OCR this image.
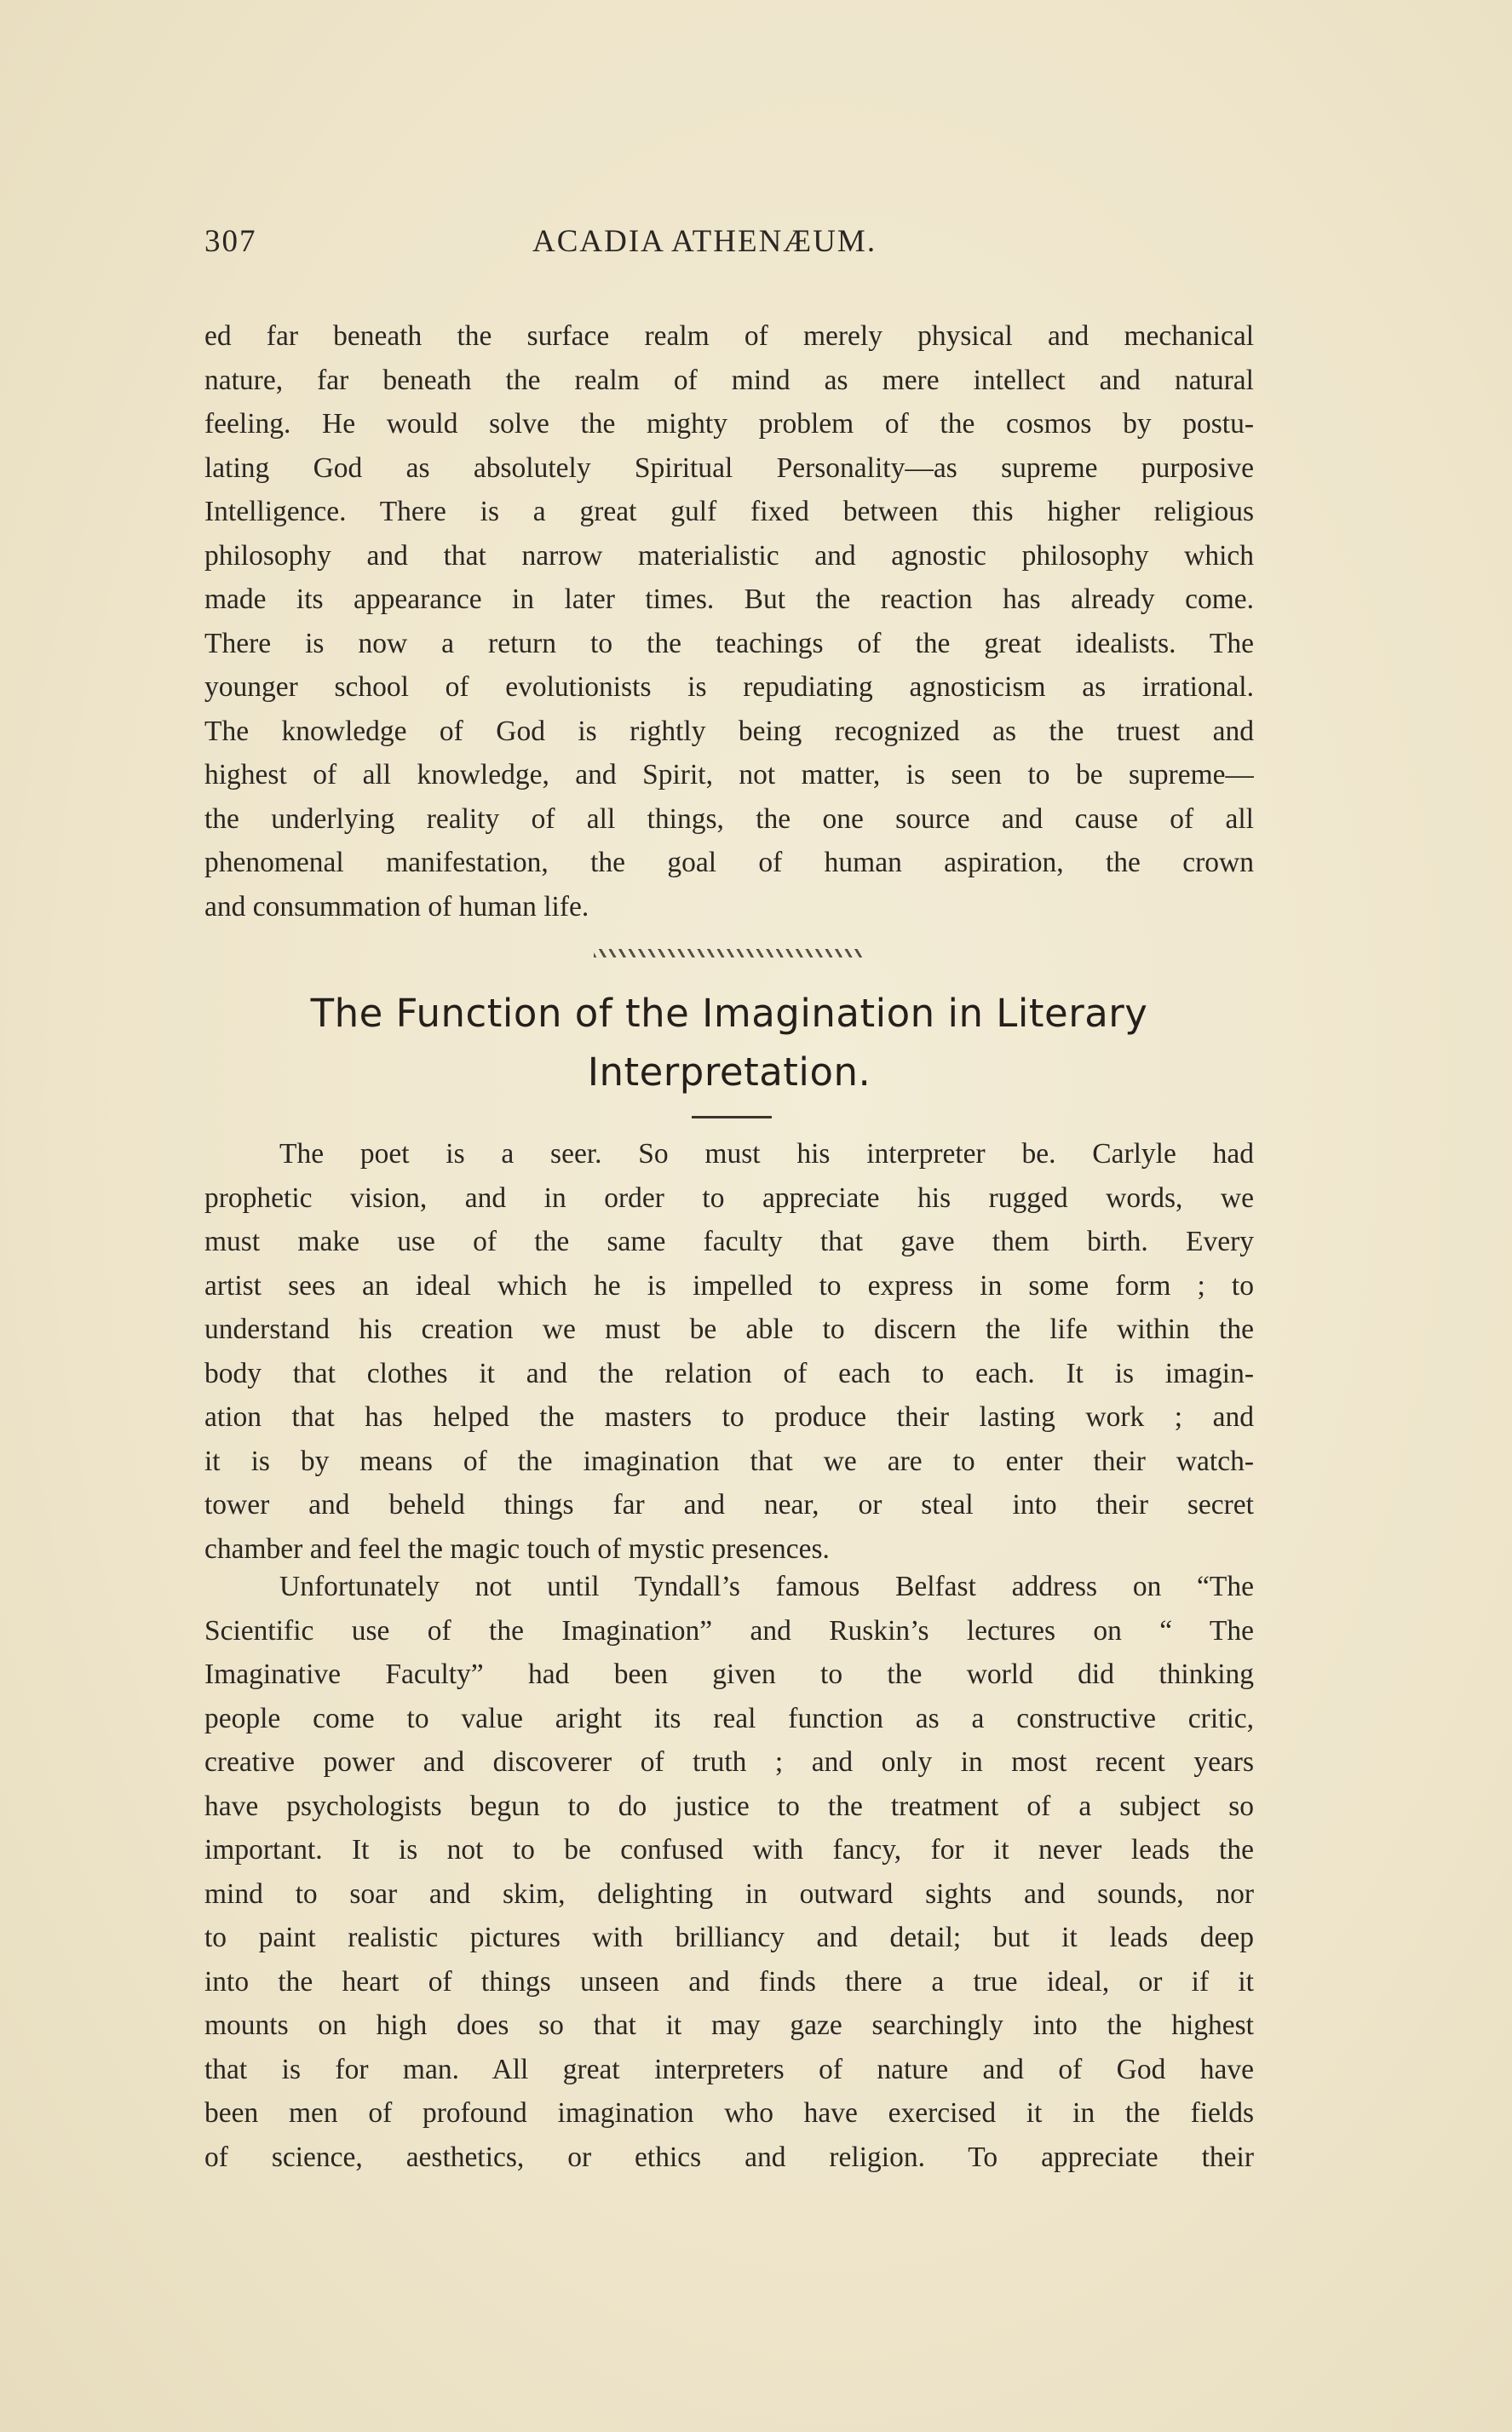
307	ACADIA ATHENÆUM.
ed far beneath the surface realm of merely physical and mechanical
nature, far beneath the realm of mind as mere intellect and natural
feeling. He would solve the mighty problem of the cosmos by postu-
lating God as absolutely Spiritual Personality—as supreme purposive
Intelligence. There is a great gulf fixed between this higher religious
philosophy and that narrow materialistic and agnostic philosophy which
made its appearance in later times. But the reaction has already come.
There is now a return to the teachings of the great idealists. The
younger school of evolutionists is repudiating agnosticism as irrational.
The knowledge of God is rightly being recognized as the truest and
highest of all knowledge, and Spirit, not matter, is seen to be supreme—
the underlying reality of all things, the one source and cause of all
phenomenal manifestation, the goal of human aspiration, the crown
and consummation of human life.
The Function of the Imagination in Literary
Interpretation.
The poet is a seer. So must his interpreter be. Carlyle had
prophetic vision, and in order to appreciate his rugged words, we
must make use of the same faculty that gave them birth. Every
artist sees an ideal which he is impelled to express in some form ; to
understand his creation we must be able to discern the life within the
body that clothes it and the relation of each to each. It is imagin-
ation that has helped the masters to produce their lasting work ; and
it is by means of the imagination that we are to enter their watch-
tower and beheld things far and near, or steal into their secret
chamber and feel the magic touch of mystic presences.
Unfortunately not until Tyndall’s famous Belfast address on “The
Scientific use of the Imagination” and Ruskin’s lectures on “ The
Imaginative Faculty” had been given to the world did thinking
people come to value aright its real function as a constructive critic,
creative power and discoverer of truth ; and only in most recent years
have psychologists begun to do justice to the treatment of a subject so
important. It is not to be confused with fancy, for it never leads the
mind to soar and skim, delighting in outward sights and sounds, nor
to paint realistic pictures with brilliancy and detail; but it leads deep
into the heart of things unseen and finds there a true ideal, or if it
mounts on high does so that it may gaze searchingly into the highest
that is for man. All great interpreters of nature and of God have
been men of profound imagination who have exercised it in the fields
of science, aesthetics, or ethics and religion. To appreciate their
